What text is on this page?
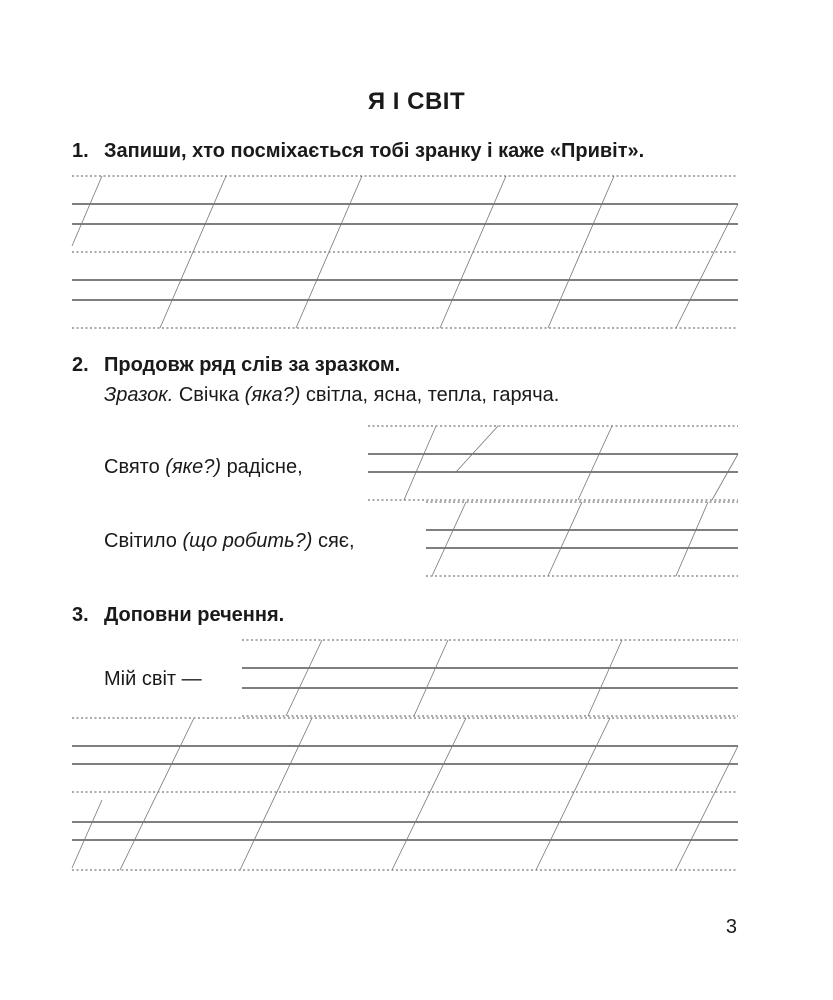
Я І СВІТ
1. Запиши, хто посміхається тобі зранку і каже «Привіт».
2. Продовж ряд слів за зразком.
Зразок. Свічка (яка?) світла, ясна, тепла, гаряча.
Свято (яке?) радісне,
Світило (що робить?) сяє,
3. Доповни речення.
Мій світ —
3
